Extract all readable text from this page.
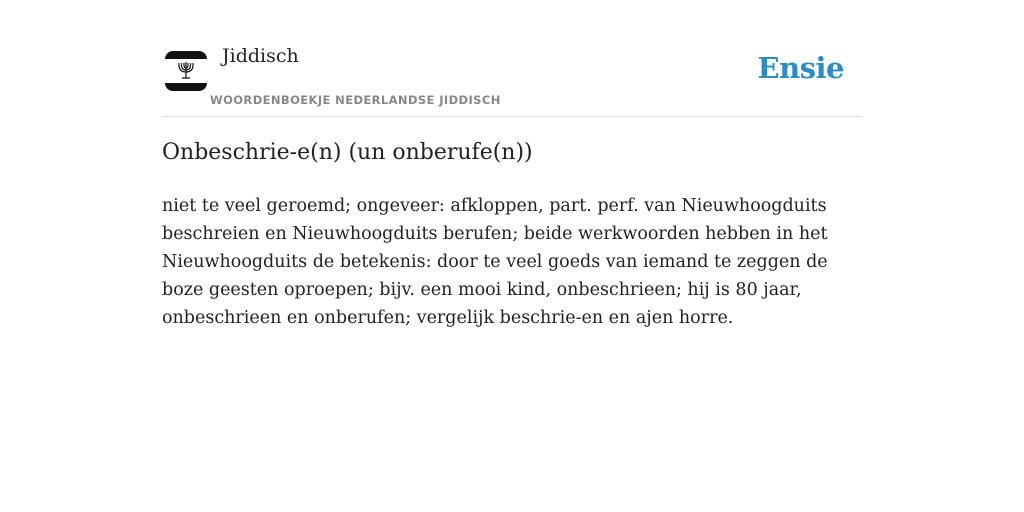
Jiddisch
WOORDENBOEKJE NEDERLANDSE JIDDISCH
Ensie
Onbeschrie-e(n) (un onberufe(n))

niet te veel geroemd; ongeveer: afkloppen, part. perf. van Nieuwhoogduits beschreien en Nieuwhoogduits berufen; beide werkwoorden hebben in het Nieuwhoogduits de betekenis: door te veel goeds van iemand te zeggen de boze geesten oproepen; bijv. een mooi kind, onbeschrieen; hij is 80 jaar, onbeschrieen en onberufen; vergelijk beschrie-en en ajen horre.
